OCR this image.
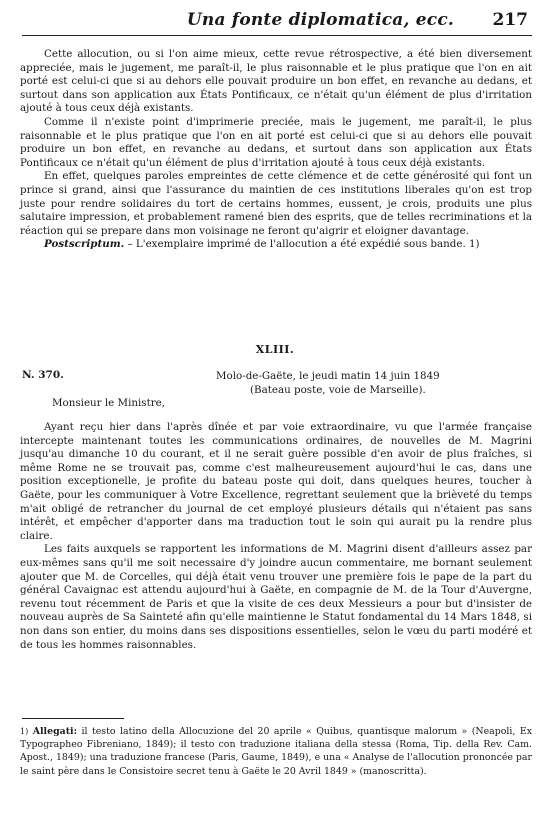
Una fonte diplomatica, ecc. 217

Cette allocution, ou si l'on aime mieux, cette revue rétrospective, a été bien diversement appreciée, mais le jugement, me paraît-il, le plus raisonnable et le plus pratique que l'on en ait porté est celui-ci que si au dehors elle pouvait produire un bon effet, en revanche au dedans, et surtout dans son application aux États Pontificaux, ce n'était qu'un élément de plus d'irritation ajouté à tous ceux déjà existants.

Comme il n'existe point d'imprimerie preciée, mais le jugement, me paraît-il, le plus raisonnable et le plus pratique que l'on en ait porté est celui-ci que si au dehors elle pouvait produire un bon effet, en revanche au dedans, et surtout dans son application aux États Pontificaux ce n'était qu'un élément de plus d'irritation ajouté à tous ceux déjà existants.

En effet, quelques paroles empreintes de cette clémence et de cette générosité qui font un prince si grand, ainsi que l'assurance du maintien de ces institutions liberales qu'on est trop juste pour rendre solidaires du tort de certains hommes, eussent, je crois, produits une plus salutaire impression, et probablement ramené bien des esprits, que de telles recriminations et la réaction qui se prepare dans mon voisinage ne feront qu'aigrir et eloigner davantage.

Postscriptum. – L'exemplaire imprimé de l'allocution a été expédié sous bande. 1)

XLIII.
N. 370.	Molo-de-Gaëte, le jeudi matin 14 juin 1849
(Bateau poste, voie de Marseille).
Monsieur le Ministre,

Ayant reçu hier dans l'après dînée et par voie extraordinaire, vu que l'armée française intercepte maintenant toutes les communications ordinaires, de nouvelles de M. Magrini jusqu'au dimanche 10 du courant, et il ne serait guère possible d'en avoir de plus fraîches, si même Rome ne se trouvait pas, comme c'est malheureusement aujourd'hui le cas, dans une position exceptionelle, je profite du bateau poste qui doit, dans quelques heures, toucher à Gaëte, pour les communiquer à Votre Excellence, regrettant seulement que la brièveté du temps m'ait obligé de retrancher du journal de cet employé plusieurs détails qui n'étaient pas sans intérêt, et empêcher d'apporter dans ma traduction tout le soin qui aurait pu la rendre plus claire.

Les faits auxquels se rapportent les informations de M. Magrini disent d'ailleurs assez par eux-mêmes sans qu'il me soit necessaire d'y joindre aucun commentaire, me bornant seulement ajouter que M. de Corcelles, qui déjà était venu trouver une première fois le pape de la part du général Cavaignac est attendu aujourd'hui à Gaëte, en compagnie de M. de la Tour d'Auvergne, revenu tout récemment de Paris et que la visite de ces deux Messieurs a pour but d'insister de nouveau auprès de Sa Sainteté afin qu'elle maintienne le Statut fondamental du 14 Mars 1848, si non dans son entier, du moins dans ses dispositions essentielles, selon le vœu du parti modéré et de tous les hommes raisonnables.

1) Allegati: il testo latino della Allocuzione del 20 aprile « Quibus, quantisque malorum » (Neapoli, Ex Typographeo Fibreniano, 1849); il testo con traduzione italiana della stessa (Roma, Tip. della Rev. Cam. Apost., 1849); una traduzione francese (Paris, Gaume, 1849), e una « Analyse de l'allocution prononcée par le saint père dans le Consistoire secret tenu à Gaëte le 20 Avril 1849 » (manoscritta).
